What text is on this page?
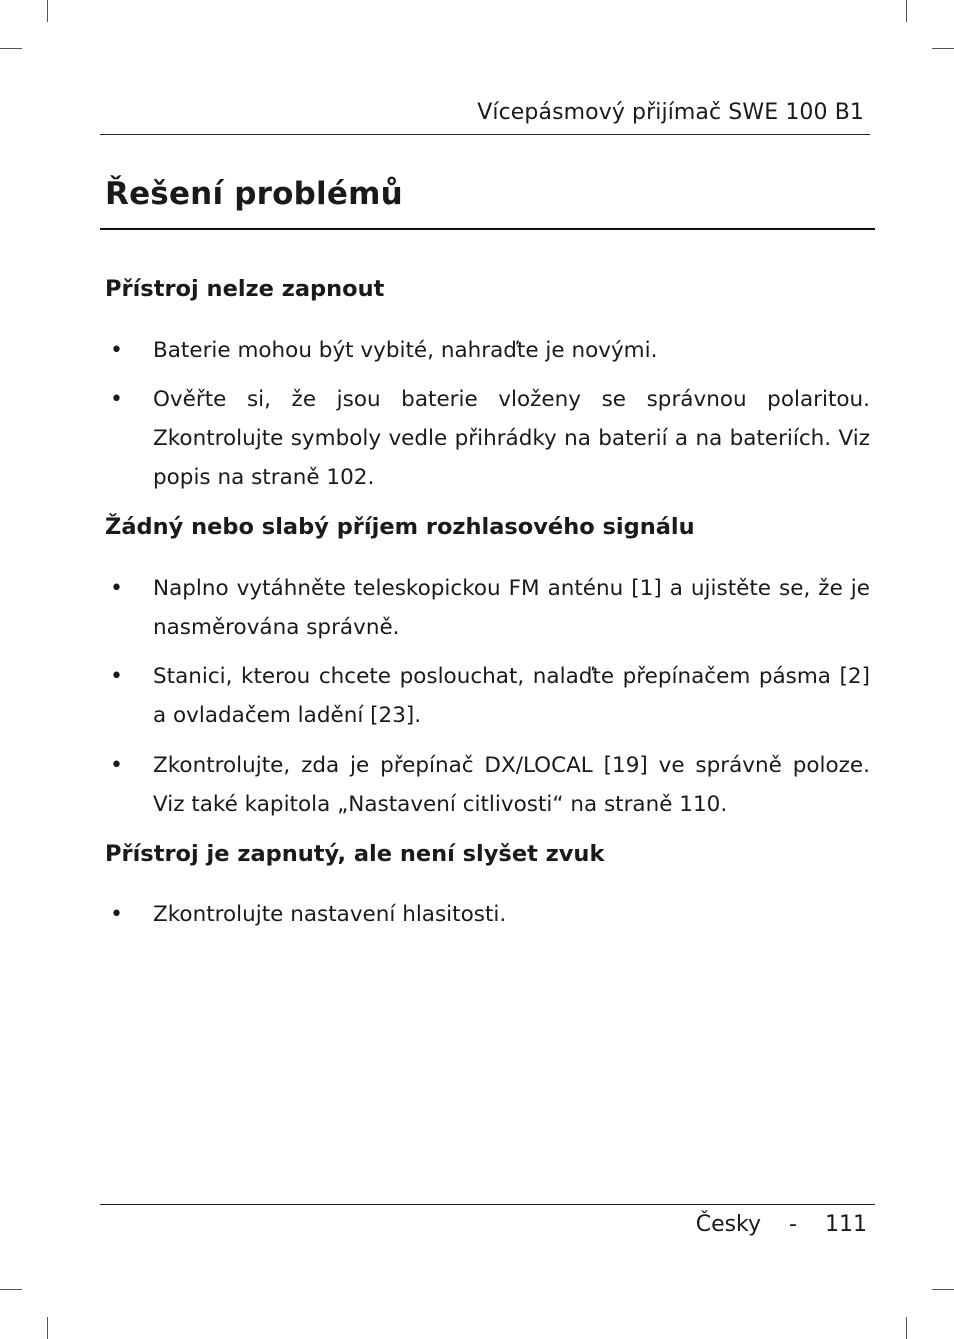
Vícepásmový přijímač SWE 100 B1
Řešení problémů
Přístroj nelze zapnout
• Baterie mohou být vybité, nahraďte je novými.
• Ověřte si, že jsou baterie vloženy se správnou polaritou. Zkontrolujte symboly vedle přihrádky na baterií a na bateriích. Viz popis na straně 102.
Žádný nebo slabý příjem rozhlasového signálu
• Naplno vytáhněte teleskopickou FM anténu [1] a ujistěte se, že je nasměrována správně.
• Stanici, kterou chcete poslouchat, nalaďte přepínačem pásma [2] a ovladačem ladění [23].
• Zkontrolujte, zda je přepínač DX/LOCAL [19] ve správně poloze. Viz také kapitola „Nastavení citlivosti“ na straně 110.
Přístroj je zapnutý, ale není slyšet zvuk
• Zkontrolujte nastavení hlasitosti.
Česky - 111
